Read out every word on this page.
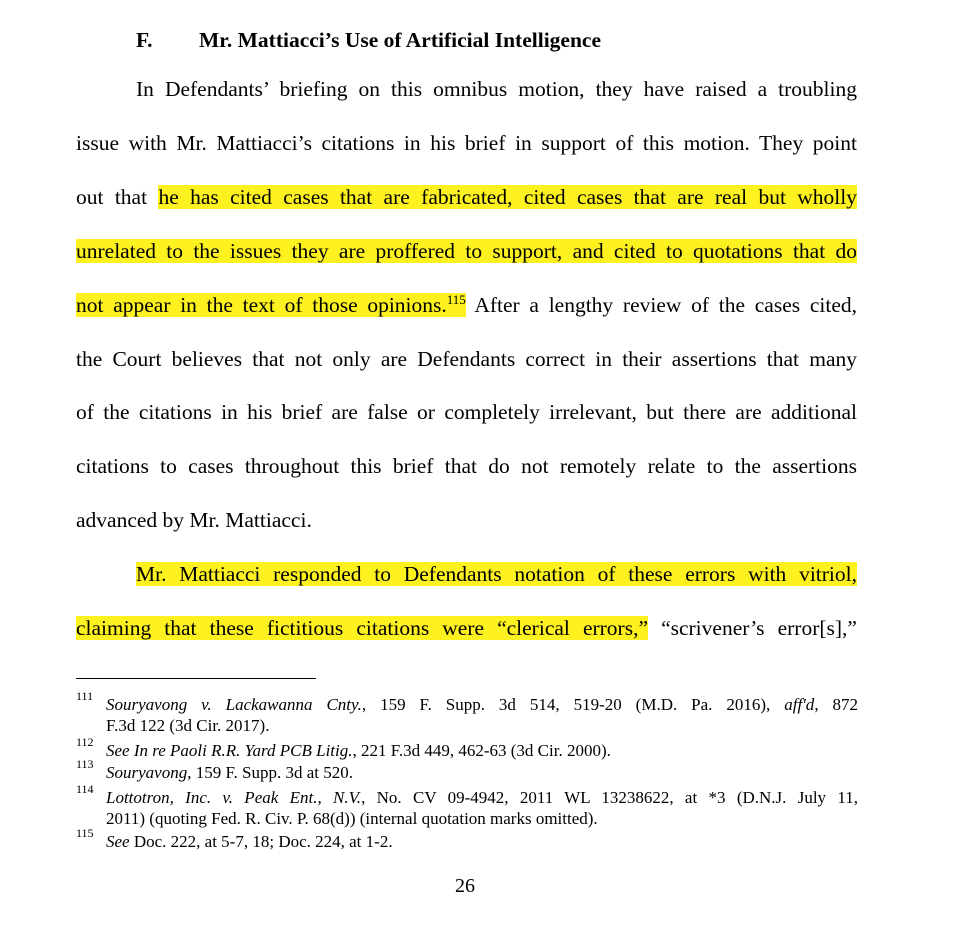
F. Mr. Mattiacci’s Use of Artificial Intelligence
In Defendants’ briefing on this omnibus motion, they have raised a troubling
issue with Mr. Mattiacci’s citations in his brief in support of this motion. They point
out that he has cited cases that are fabricated, cited cases that are real but wholly
unrelated to the issues they are proffered to support, and cited to quotations that do
not appear in the text of those opinions.$^{115}$ After a lengthy review of the cases cited,
the Court believes that not only are Defendants correct in their assertions that many
of the citations in his brief are false or completely irrelevant, but there are additional
citations to cases throughout this brief that do not remotely relate to the assertions
advanced by Mr. Mattiacci.
Mr. Mattiacci responded to Defendants notation of these errors with vitriol,
claiming that these fictitious citations were “clerical errors,” “scrivener’s error[s],”
111 Souryavong v. Lackawanna Cnty., 159 F. Supp. 3d 514, 519-20 (M.D. Pa. 2016), aff'd, 872
F.3d 122 (3d Cir. 2017).
112 See In re Paoli R.R. Yard PCB Litig., 221 F.3d 449, 462-63 (3d Cir. 2000).
113 Souryavong, 159 F. Supp. 3d at 520.
114 Lottotron, Inc. v. Peak Ent., N.V., No. CV 09-4942, 2011 WL 13238622, at *3 (D.N.J. July 11,
2011) (quoting Fed. R. Civ. P. 68(d)) (internal quotation marks omitted).
115 See Doc. 222, at 5-7, 18; Doc. 224, at 1-2.
26
